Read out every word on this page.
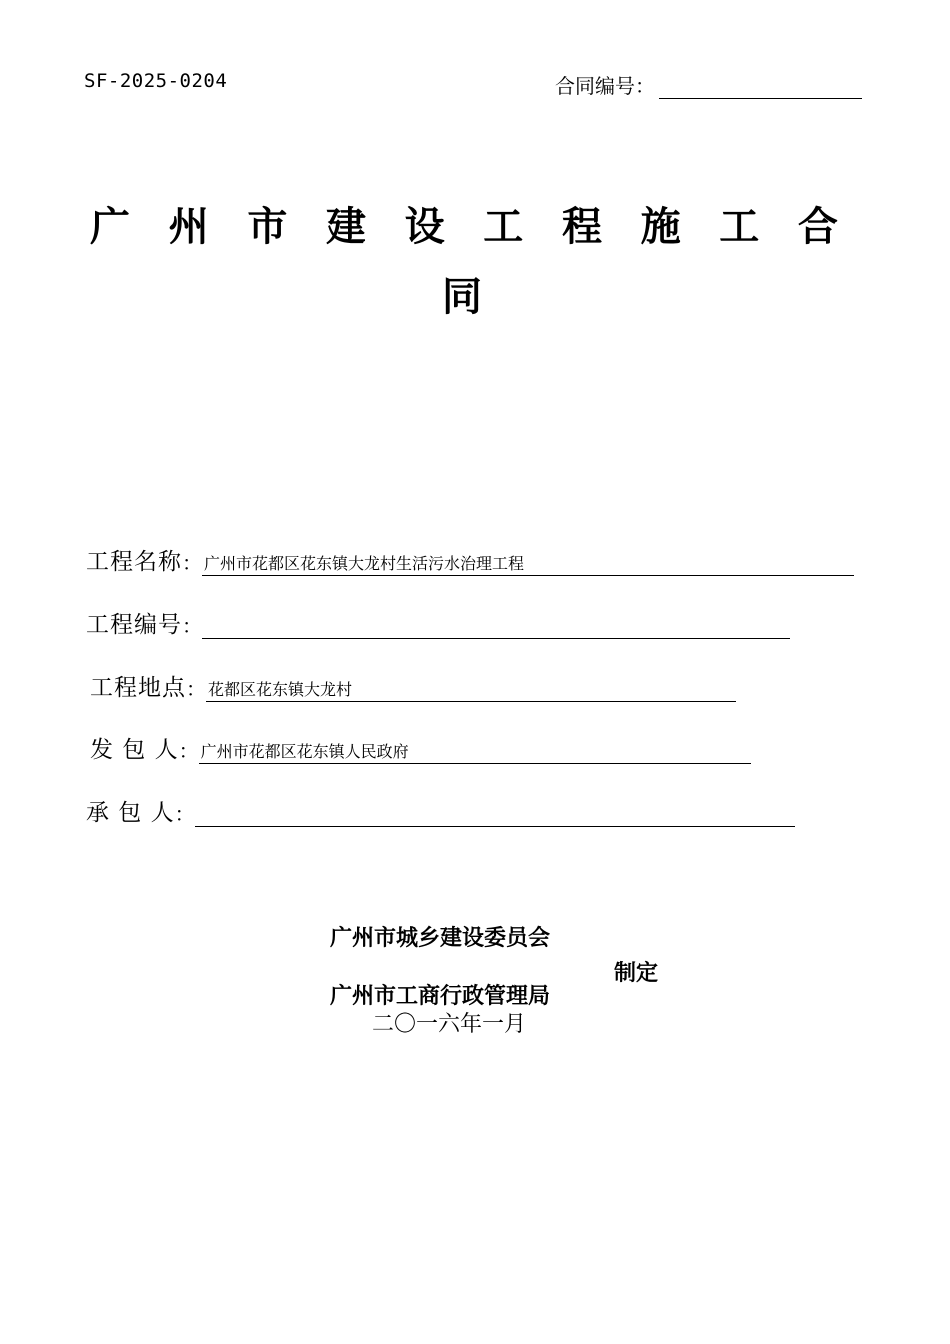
SF-2025-0204	合同编号：
广 州 市 建 设 工 程 施 工 合
同
工程名称 ： 广州市花都区花东镇大龙村生活污水治理工程
工程编号 ：
工程地点 ： 花都区花东镇大龙村
发 包 人 ： 广州市花都区花东镇人民政府
承 包 人 ：
广州市城乡建设委员会
广州市工商行政管理局
二〇一六年一月
制定
